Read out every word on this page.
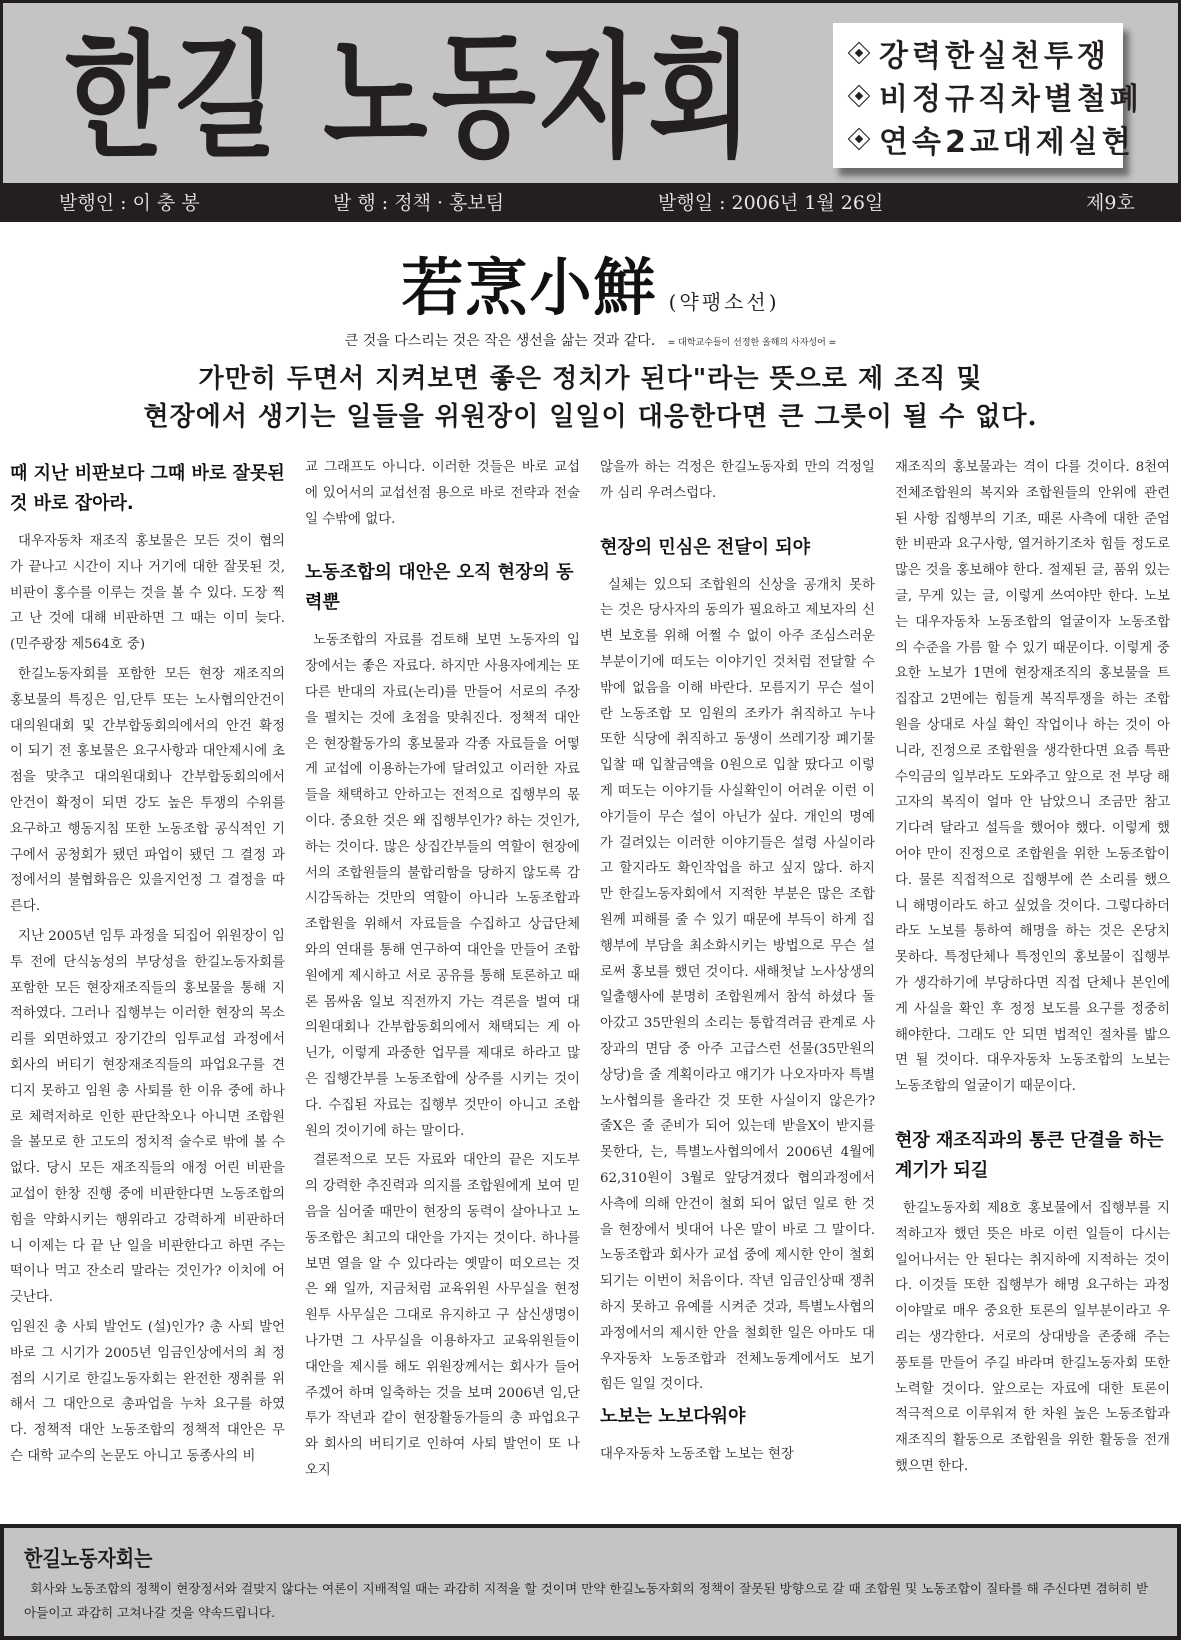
한길 노동자회	강력한실천투쟁
비정규직차별철폐
연속2교대제실현
발행인 : 이 충 봉	발 행 : 정책 · 홍보팀	발행일 : 2006년 1월 26일	제9호
若烹小鮮 (약팽소선)
큰 것을 다스리는 것은 작은 생선을 삶는 것과 같다. = 대학교수들이 선정한 올해의 사자성어 =
가만히 두면서 지켜보면 좋은 정치가 된다"라는 뜻으로 제 조직 및
현장에서 생기는 일들을 위원장이 일일이 대응한다면 큰 그릇이 될 수 없다.
때 지난 비판보다 그때 바로 잘못된 것 바로 잡아라.

대우자동차 재조직 홍보물은 모든 것이 협의가 끝나고 시간이 지나 거기에 대한 잘못된 것, 비판이 홍수를 이루는 것을 볼 수 있다. 도장 찍고 난 것에 대해 비판하면 그 때는 이미 늦다. (민주광장 제564호 중)

한길노동자회를 포함한 모든 현장 재조직의 홍보물의 특징은 임,단투 또는 노사협의안건이 대의원대회 및 간부합동회의에서의 안건 확정이 되기 전 홍보물은 요구사항과 대안제시에 초점을 맞추고 대의원대회나 간부합동회의에서 안건이 확정이 되면 강도 높은 투쟁의 수위를 요구하고 행동지침 또한 노동조합 공식적인 기구에서 공청회가 됐던 파업이 됐던 그 결정 과정에서의 불협화음은 있을지언정 그 결정을 따른다.

지난 2005년 임투 과정을 되집어 위원장이 임투 전에 단식농성의 부당성을 한길노동자회를 포함한 모든 현장재조직들의 홍보물을 통해 지적하였다. 그러나 집행부는 이러한 현장의 목소리를 외면하였고 장기간의 임투교섭 과정에서 회사의 버티기 현장재조직들의 파업요구를 견디지 못하고 임원 총 사퇴를 한 이유 중에 하나로 체력저하로 인한 판단착오나 아니면 조합원을 볼모로 한 고도의 정치적 술수로 밖에 볼 수 없다. 당시 모든 재조직들의 애정 어린 비판을 교섭이 한창 진행 중에 비판한다면 노동조합의 힘을 약화시키는 행위라고 강력하게 비판하더니 이제는 다 끝 난 일을 비판한다고 하면 주는 떡이나 먹고 잔소리 말라는 것인가? 이치에 어긋난다.

임원진 총 사퇴 발언도 (설)인가? 총 사퇴 발언 바로 그 시기가 2005년 임금인상에서의 최 정점의 시기로 한길노동자회는 완전한 쟁취를 위해서 그 대안으로 총파업을 누차 요구를 하였다. 정책적 대안 노동조합의 정책적 대안은 무슨 대학 교수의 논문도 아니고 동종사의 비

교 그래프도 아니다. 이러한 것들은 바로 교섭에 있어서의 교섭선점 용으로 바로 전략과 전술일 수밖에 없다.

노동조합의 대안은 오직 현장의 동력뿐

노동조합의 자료를 검토해 보면 노동자의 입장에서는 좋은 자료다. 하지만 사용자에게는 또 다른 반대의 자료(논리)를 만들어 서로의 주장을 펼치는 것에 초점을 맞춰진다. 정책적 대안은 현장활동가의 홍보물과 각종 자료들을 어떻게 교섭에 이용하는가에 달려있고 이러한 자료들을 채택하고 안하고는 전적으로 집행부의 몫이다. 중요한 것은 왜 집행부인가? 하는 것인가, 하는 것이다. 많은 상집간부들의 역할이 현장에서의 조합원들의 불합리함을 당하지 않도록 감시감독하는 것만의 역할이 아니라 노동조합과 조합원을 위해서 자료들을 수집하고 상급단체와의 연대를 통해 연구하여 대안을 만들어 조합원에게 제시하고 서로 공유를 통해 토론하고 때론 몸싸움 일보 직전까지 가는 격론을 벌여 대의원대회나 간부합동회의에서 채택되는 게 아닌가, 이렇게 과중한 업무를 제대로 하라고 많은 집행간부를 노동조합에 상주를 시키는 것이다. 수집된 자료는 집행부 것만이 아니고 조합원의 것이기에 하는 말이다.

결론적으로 모든 자료와 대안의 끝은 지도부의 강력한 추진력과 의지를 조합원에게 보여 믿음을 심어줄 때만이 현장의 동력이 살아나고 노동조합은 최고의 대안을 가지는 것이다. 하나를 보면 열을 알 수 있다라는 옛말이 떠오르는 것은 왜 일까, 지금처럼 교육위원 사무실을 현정원투 사무실은 그대로 유지하고 구 삼신생명이 나가면 그 사무실을 이용하자고 교육위원들이 대안을 제시를 해도 위원장께서는 회사가 들어 주겠어 하며 일축하는 것을 보며 2006년 임,단투가 작년과 같이 현장활동가들의 총 파업요구와 회사의 버티기로 인하여 사퇴 발언이 또 나오지

않을까 하는 걱정은 한길노동자회 만의 걱정일까 심리 우려스럽다.

현장의 민심은 전달이 되야

실체는 있으되 조합원의 신상을 공개치 못하는 것은 당사자의 동의가 필요하고 제보자의 신변 보호를 위해 어쩔 수 없이 아주 조심스러운 부분이기에 떠도는 이야기인 것처럼 전달할 수밖에 없음을 이해 바란다. 모름지기 무슨 설이란 노동조합 모 임원의 조카가 취직하고 누나 또한 식당에 취직하고 동생이 쓰레기장 폐기물 입찰 때 입찰금액을 0원으로 입찰 땄다고 이렇게 떠도는 이야기들 사실확인이 어려운 이런 이야기들이 무슨 설이 아닌가 싶다. 개인의 명예가 걸려있는 이러한 이야기들은 설령 사실이라고 할지라도 확인작업을 하고 싶지 않다. 하지만 한길노동자회에서 지적한 부분은 많은 조합원께 피해를 줄 수 있기 때문에 부득이 하게 집행부에 부담을 최소화시키는 방법으로 무슨 설로써 홍보를 했던 것이다. 새해첫날 노사상생의 일출행사에 분명히 조합원께서 참석 하셨다 돌아갔고 35만원의 소리는 통합격려금 관계로 사장과의 면담 중 아주 고급스런 선물(35만원의 상당)을 줄 계획이라고 얘기가 나오자마자 특별노사협의를 올라간 것 또한 사실이지 않은가? 줄X은 줄 준비가 되어 있는데 받을X이 받지를 못한다, 는, 특별노사협의에서 2006년 4월에 62,310원이 3월로 앞당겨졌다 협의과정에서 사측에 의해 안건이 철회 되어 없던 일로 한 것을 현장에서 빗대어 나온 말이 바로 그 말이다. 노동조합과 회사가 교섭 중에 제시한 안이 철회되기는 이번이 처음이다. 작년 임금인상때 쟁취하지 못하고 유예를 시켜준 것과, 특별노사협의 과정에서의 제시한 안을 철회한 일은 아마도 대우자동차 노동조합과 전체노동계에서도 보기 힘든 일일 것이다.

노보는 노보다워야

대우자동차 노동조합 노보는 현장

재조직의 홍보물과는 격이 다를 것이다. 8천여 전체조합원의 복지와 조합원들의 안위에 관련된 사항 집행부의 기조, 때론 사측에 대한 준엄한 비판과 요구사항, 열거하기조차 힘들 정도로 많은 것을 홍보해야 한다. 절제된 글, 품위 있는 글, 무게 있는 글, 이렇게 쓰여야만 한다. 노보는 대우자동차 노동조합의 얼굴이자 노동조합의 수준을 가름 할 수 있기 때문이다. 이렇게 중요한 노보가 1면에 현장재조직의 홍보물을 트집잡고 2면에는 힘들게 복직투쟁을 하는 조합원을 상대로 사실 확인 작업이나 하는 것이 아니라, 진정으로 조합원을 생각한다면 요즘 특판 수익금의 일부라도 도와주고 앞으로 전 부당 해고자의 복직이 얼마 안 남았으니 조금만 참고 기다려 달라고 설득을 했어야 했다. 이렇게 했어야 만이 진정으로 조합원을 위한 노동조합이다. 물론 직접적으로 집행부에 쓴 소리를 했으니 해명이라도 하고 싶었을 것이다. 그렇다하더라도 노보를 통하여 해명을 하는 것은 온당치 못하다. 특정단체나 특정인의 홍보물이 집행부가 생각하기에 부당하다면 직접 단체나 본인에게 사실을 확인 후 정정 보도를 요구를 정중히 해야한다. 그래도 안 되면 법적인 절차를 밟으면 될 것이다. 대우자동차 노동조합의 노보는 노동조합의 얼굴이기 때문이다.

현장 재조직과의 통큰 단결을 하는 계기가 되길

한길노동자회 제8호 홍보물에서 집행부를 지적하고자 했던 뜻은 바로 이런 일들이 다시는 일어나서는 안 된다는 취지하에 지적하는 것이다. 이것들 또한 집행부가 해명 요구하는 과정이야말로 매우 중요한 토론의 일부분이라고 우리는 생각한다. 서로의 상대방을 존중해 주는 풍토를 만들어 주길 바라며 한길노동자회 또한 노력할 것이다. 앞으로는 자료에 대한 토론이 적극적으로 이루워져 한 차원 높은 노동조합과 재조직의 활동으로 조합원을 위한 활동을 전개했으면 한다.

한길노동자회는
회사와 노동조합의 정책이 현장정서와 걸맞지 않다는 여론이 지배적일 때는 과감히 지적을 할 것이며 만약 한길노동자회의 정책이 잘못된 방향으로 갈 때 조합원 및 노동조합이 질타를 해 주신다면 겸허히 받아들이고 과감히 고쳐나갈 것을 약속드립니다.
